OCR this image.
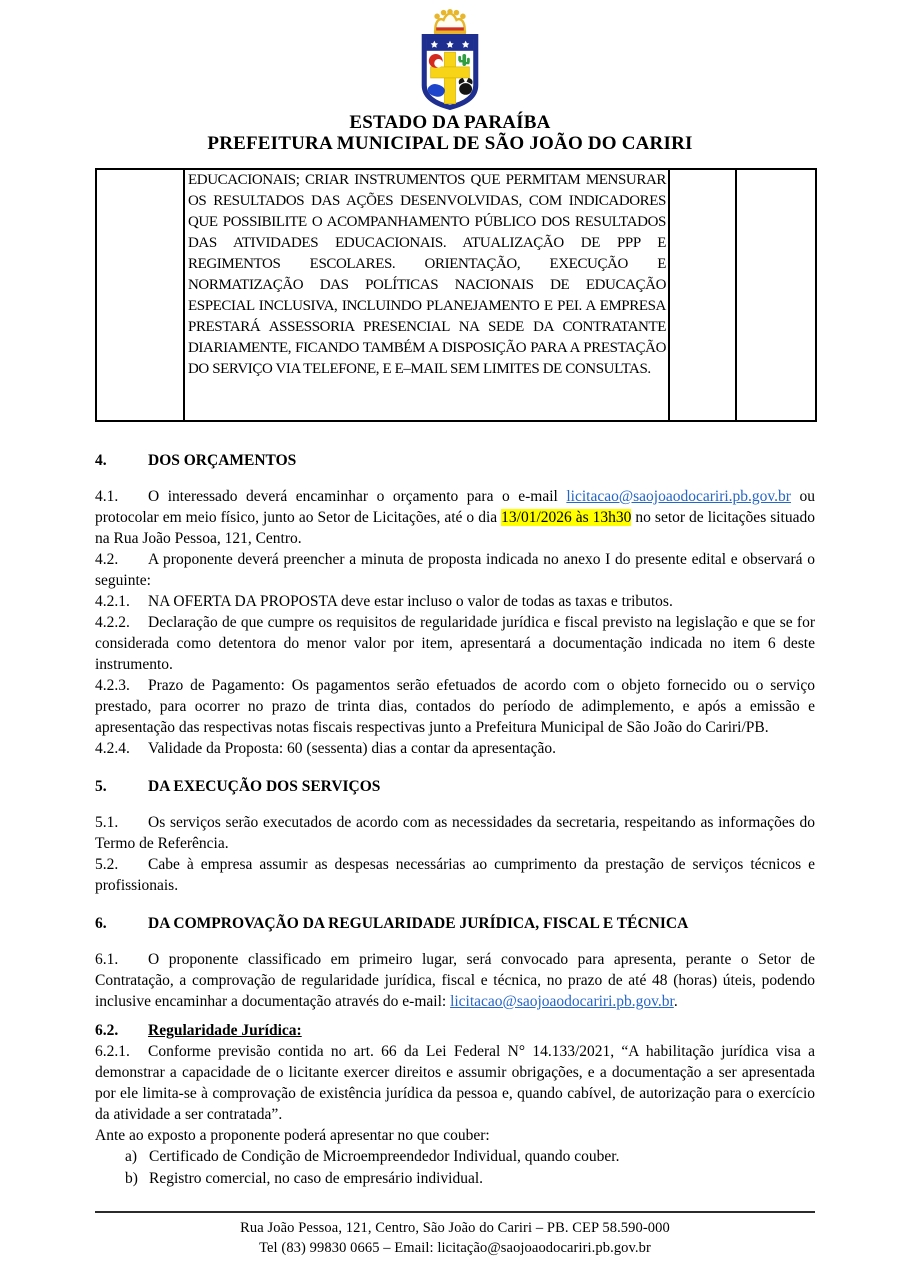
ESTADO DA PARAÍBA
PREFEITURA MUNICIPAL DE SÃO JOÃO DO CARIRI
	EDUCACIONAIS; CRIAR INSTRUMENTOS QUE PERMITAM MENSURAR OS RESULTADOS DAS AÇÕES DESENVOLVIDAS, COM INDICADORES QUE POSSIBILITE O ACOMPANHAMENTO PÚBLICO DOS RESULTADOS DAS ATIVIDADES EDUCACIONAIS. ATUALIZAÇÃO DE PPP E REGIMENTOS ESCOLARES. ORIENTAÇÃO, EXECUÇÃO E NORMATIZAÇÃO DAS POLÍTICAS NACIONAIS DE EDUCAÇÃO ESPECIAL INCLUSIVA, INCLUINDO PLANEJAMENTO E PEI. A EMPRESA PRESTARÁ ASSESSORIA PRESENCIAL NA SEDE DA CONTRATANTE DIARIAMENTE, FICANDO TAMBÉM A DISPOSIÇÃO PARA A PRESTAÇÃO DO SERVIÇO VIA TELEFONE, E E–MAIL SEM LIMITES DE CONSULTAS.		

4.	DOS ORÇAMENTOS

4.1. O interessado deverá encaminhar o orçamento para o e-mail licitacao@saojoaodocariri.pb.gov.br ou protocolar em meio físico, junto ao Setor de Licitações, até o dia 13/01/2026 às 13h30 no setor de licitações situado na Rua João Pessoa, 121, Centro.

4.2. A proponente deverá preencher a minuta de proposta indicada no anexo I do presente edital e observará o seguinte:

4.2.1. NA OFERTA DA PROPOSTA deve estar incluso o valor de todas as taxas e tributos.

4.2.2. Declaração de que cumpre os requisitos de regularidade jurídica e fiscal previsto na legislação e que se for considerada como detentora do menor valor por item, apresentará a documentação indicada no item 6 deste instrumento.

4.2.3. Prazo de Pagamento: Os pagamentos serão efetuados de acordo com o objeto fornecido ou o serviço prestado, para ocorrer no prazo de trinta dias, contados do período de adimplemento, e após a emissão e apresentação das respectivas notas fiscais respectivas junto a Prefeitura Municipal de São João do Cariri/PB.

4.2.4. Validade da Proposta: 60 (sessenta) dias a contar da apresentação.

5.	DA EXECUÇÃO DOS SERVIÇOS

5.1. Os serviços serão executados de acordo com as necessidades da secretaria, respeitando as informações do Termo de Referência.

5.2. Cabe à empresa assumir as despesas necessárias ao cumprimento da prestação de serviços técnicos e profissionais.

6.	DA COMPROVAÇÃO DA REGULARIDADE JURÍDICA, FISCAL E TÉCNICA

6.1. O proponente classificado em primeiro lugar, será convocado para apresenta, perante o Setor de Contratação, a comprovação de regularidade jurídica, fiscal e técnica, no prazo de até 48 (horas) úteis, podendo inclusive encaminhar a documentação através do e-mail: licitacao@saojoaodocariri.pb.gov.br.

6.2. Regularidade Jurídica:

6.2.1. Conforme previsão contida no art. 66 da Lei Federal N° 14.133/2021, “A habilitação jurídica visa a demonstrar a capacidade de o licitante exercer direitos e assumir obrigações, e a documentação a ser apresentada por ele limita-se à comprovação de existência jurídica da pessoa e, quando cabível, de autorização para o exercício da atividade a ser contratada”.

Ante ao exposto a proponente poderá apresentar no que couber:

a) Certificado de Condição de Microempreendedor Individual, quando couber.

b) Registro comercial, no caso de empresário individual.

Rua João Pessoa, 121, Centro, São João do Cariri – PB. CEP 58.590-000
Tel (83) 99830 0665 – Email: licitação@saojoaodocariri.pb.gov.br
